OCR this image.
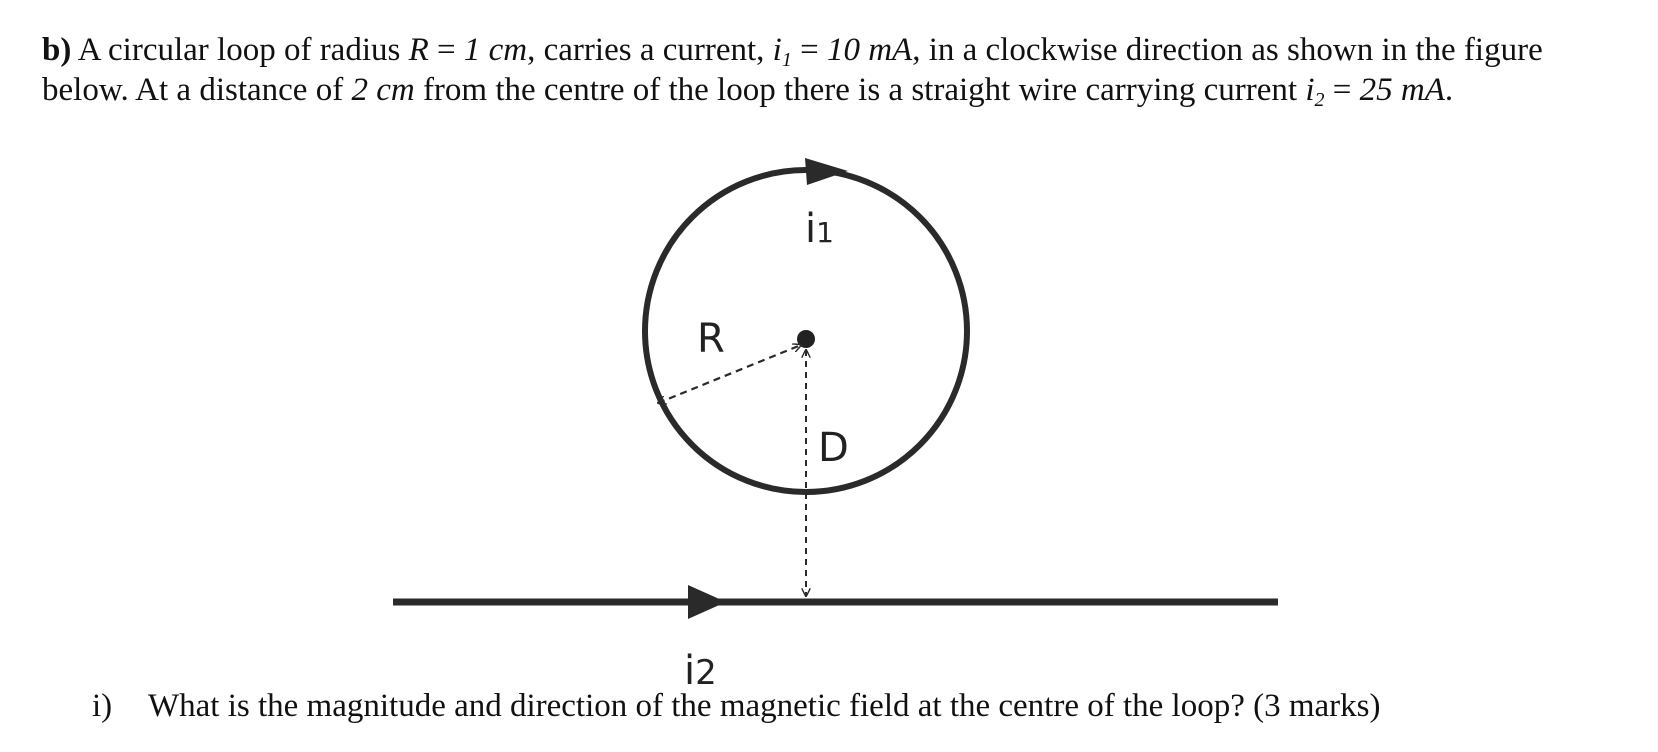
b) A circular loop of radius R = 1 cm, carries a current, $i_1 = 10$ mA, in a clockwise direction as shown in the figure below. At a distance of 2 cm from the centre of the loop there is a straight wire carrying current $i_2 = 25$ mA.

i1
R
D
i2

i) What is the magnitude and direction of the magnetic field at the centre of the loop? (3 marks)
